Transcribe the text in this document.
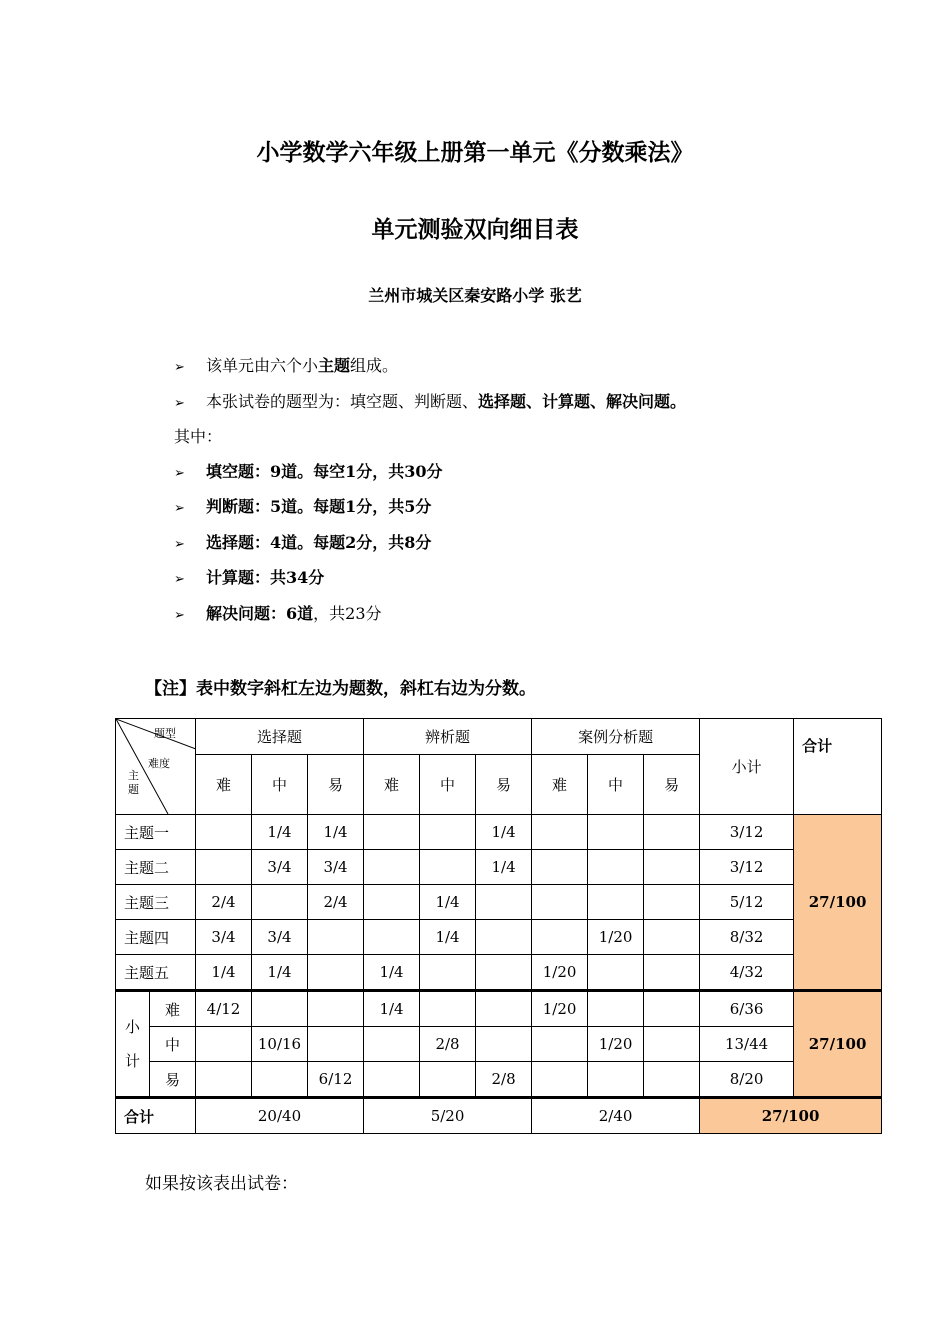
小学数学六年级上册第一单元《分数乘法》
单元测验双向细目表
兰州市城关区秦安路小学 张艺
➢ 该单元由六个小主题组成。
➢ 本张试卷的题型为：填空题、判断题、选择题、计算题、解决问题。
其中：
➢ 填空题：9道。每空1分，共30分
➢ 判断题：5道。每题1分，共5分
➢ 选择题：4道。每题2分，共8分
➢ 计算题：共34分
➢ 解决问题：6道，共23分
【注】表中数字斜杠左边为题数，斜杠右边为分数。
题型
难度
主
题		选择题			辨析题			案例分析题			小计	合计
		难	中	易	难	中	易	难	中	易		
主题一			1/4	1/4			1/4				3/12	27/100
主题二			3/4	3/4			1/4				3/12	
主题三		2/4		2/4		1/4					5/12	
主题四		3/4	3/4			1/4			1/20		8/32	
主题五		1/4	1/4		1/4			1/20			4/32	
小
计	难	4/12			1/4			1/20			6/36	27/100
	中		10/16			2/8			1/20		13/44	
	易			6/12			2/8				8/20	
合计		20/40			5/20			2/40			27/100	
如果按该表出试卷：
